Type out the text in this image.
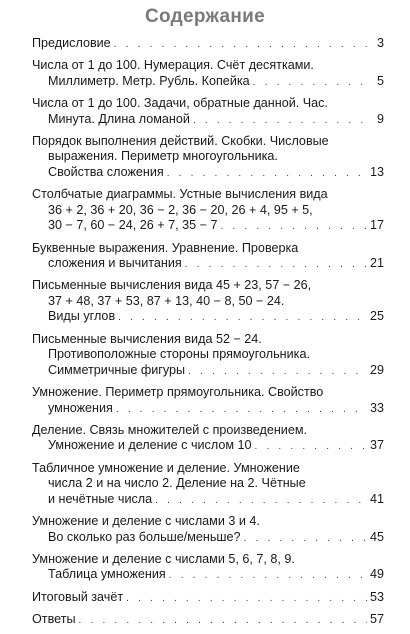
Содержание
Предисловие . . .	3
Числа от 1 до 100. Нумерация. Счёт десятками.
Миллиметр. Метр. Рубль. Копейка . . .	5
Числа от 1 до 100. Задачи, обратные данной. Час.
Минута. Длина ломаной . . .	9
Порядок выполнения действий. Скобки. Числовые
выражения. Периметр многоугольника.
Свойства сложения . . .	13
Столбчатые диаграммы. Устные вычисления вида
36 + 2, 36 + 20, 36 − 2, 36 − 20, 26 + 4, 95 + 5,
30 − 7, 60 − 24, 26 + 7, 35 − 7 . . .	17
Буквенные выражения. Уравнение. Проверка
сложения и вычитания . . .	21
Письменные вычисления вида 45 + 23, 57 − 26,
37 + 48, 37 + 53, 87 + 13, 40 − 8, 50 − 24.
Виды углов . . .	25
Письменные вычисления вида 52 − 24.
Противоположные стороны прямоугольника.
Симметричные фигуры . . .	29
Умножение. Периметр прямоугольника. Свойство
умножения . . .	33
Деление. Связь множителей с произведением.
Умножение и деление с числом 10 . . .	37
Табличное умножение и деление. Умножение
числа 2 и на число 2. Деление на 2. Чётные
и нечётные числа . . .	41
Умножение и деление с числами 3 и 4.
Во сколько раз больше/меньше? . . .	45
Умножение и деление с числами 5, 6, 7, 8, 9.
Таблица умножения . . .	49
Итоговый зачёт . . .	53
Ответы . . .	57
